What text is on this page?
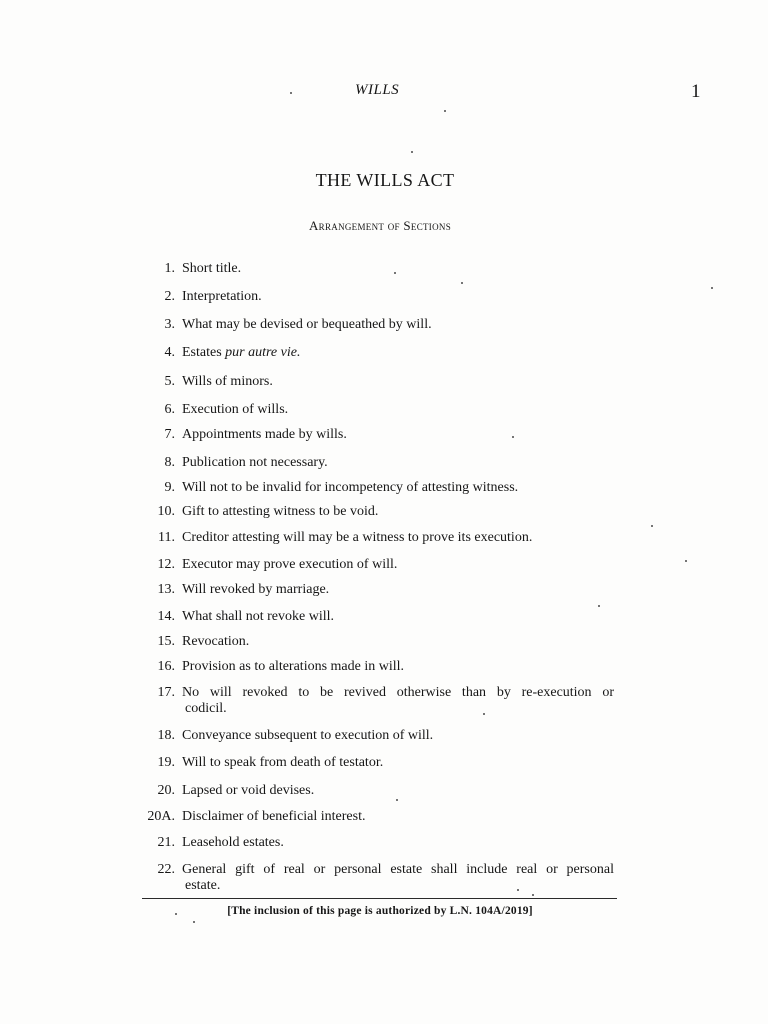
WILLS	1
THE WILLS ACT
Arrangement of Sections
1. Short title.
2. Interpretation.
3. What may be devised or bequeathed by will.
4. Estates pur autre vie.
5. Wills of minors.
6. Execution of wills.
7. Appointments made by wills.
8. Publication not necessary.
9. Will not to be invalid for incompetency of attesting witness.
10. Gift to attesting witness to be void.
11. Creditor attesting will may be a witness to prove its execution.
12. Executor may prove execution of will.
13. Will revoked by marriage.
14. What shall not revoke will.
15. Revocation.
16. Provision as to alterations made in will.
17. No will revoked to be revived otherwise than by re-execution or
codicil.
18. Conveyance subsequent to execution of will.
19. Will to speak from death of testator.
20. Lapsed or void devises.
20A. Disclaimer of beneficial interest.
21. Leasehold estates.
22. General gift of real or personal estate shall include real or personal
estate.
[The inclusion of this page is authorized by L.N. 104A/2019]
